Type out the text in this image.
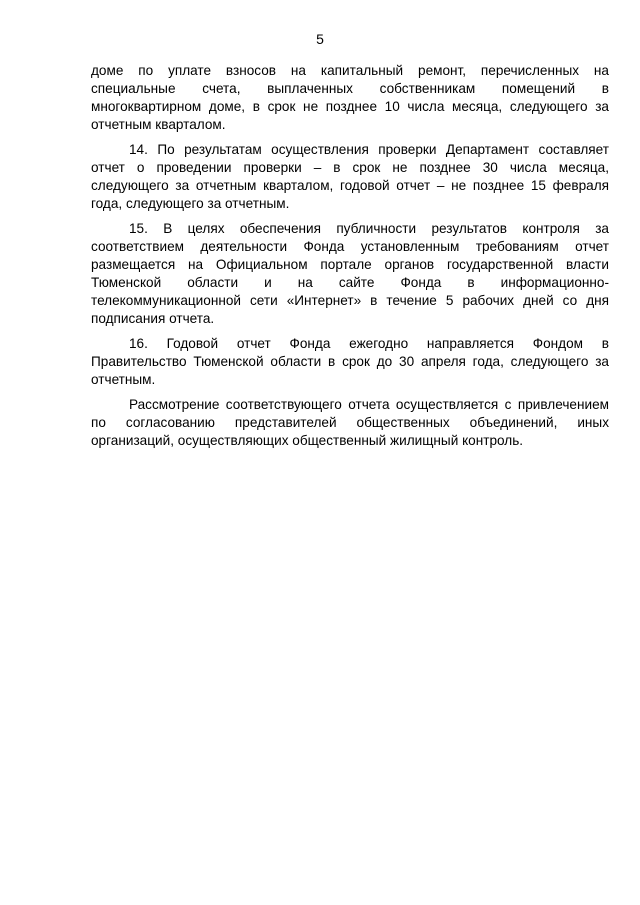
5
доме по уплате взносов на капитальный ремонт, перечисленных на
специальные счета, выплаченных собственникам помещений в
многоквартирном доме, в срок не позднее 10 числа месяца, следующего за
отчетным кварталом.
14. По результатам осуществления проверки Департамент составляет
отчет о проведении проверки – в срок не позднее 30 числа месяца,
следующего за отчетным кварталом, годовой отчет – не позднее 15 февраля
года, следующего за отчетным.
15. В целях обеспечения публичности результатов контроля за
соответствием деятельности Фонда установленным требованиям отчет
размещается на Официальном портале органов государственной власти
Тюменской области и на сайте Фонда в информационно-
телекоммуникационной сети «Интернет» в течение 5 рабочих дней со дня
подписания отчета.
16. Годовой отчет Фонда ежегодно направляется Фондом в
Правительство Тюменской области в срок до 30 апреля года, следующего за
отчетным.
Рассмотрение соответствующего отчета осуществляется с привлечением
по согласованию представителей общественных объединений, иных
организаций, осуществляющих общественный жилищный контроль.
